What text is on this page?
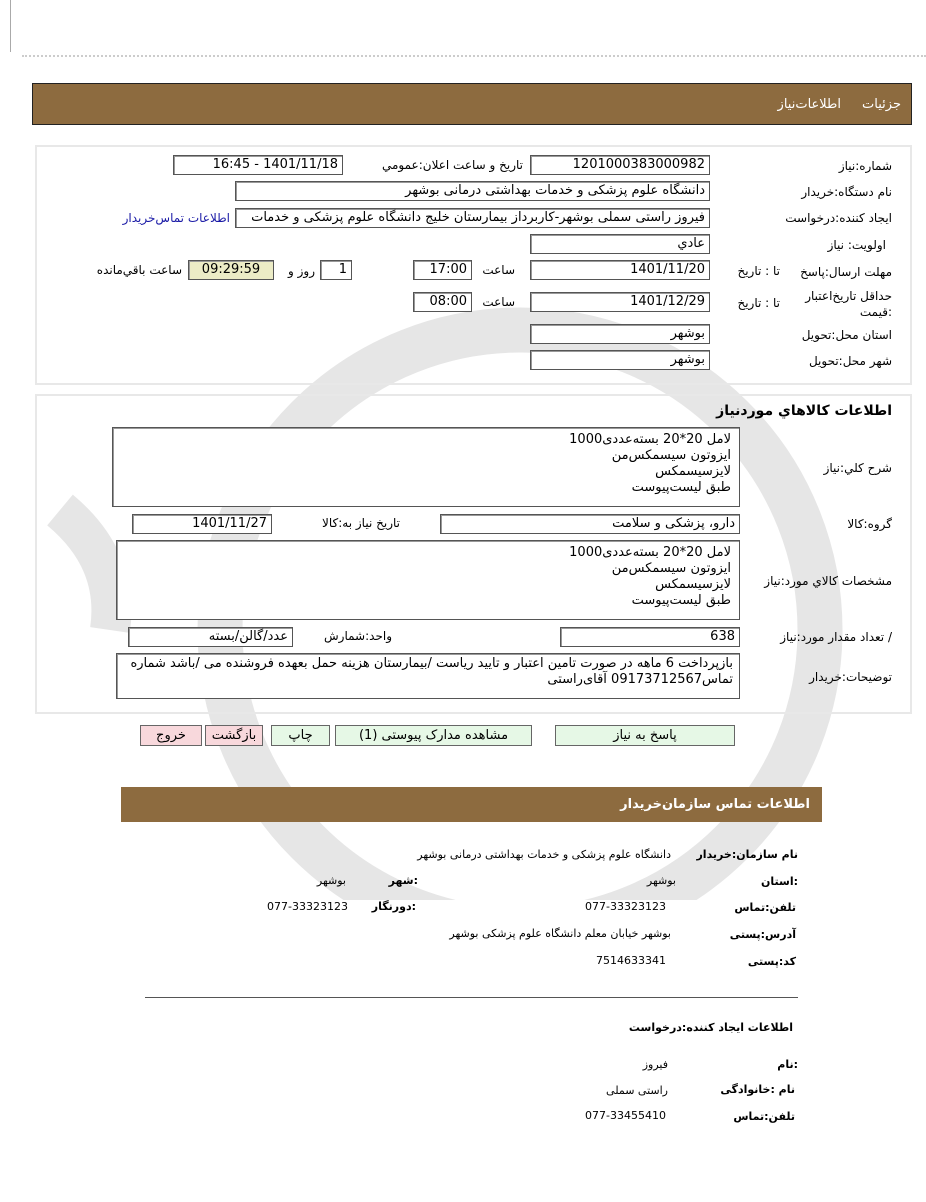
جزئيات
اطلاعات‌نیاز
شماره:نیاز
1201000383000982
تاريخ و ساعت اعلان:عمومي
1401/11/18 - 16:45
نام دستگاه:خريدار
دانشگاه علوم پزشکی و خدمات بهداشتی درمانی بوشهر
ايجاد کننده:درخواست
فیروز راستی سملی بوشهر-کاربرداز بیمارستان خلیج دانشگاه علوم پزشکی و خدمات
اطلاعات تماس‌خريدار
اولويت: نياز
عادي
مهلت ارسال:پاسخ
تا : تاريخ
1401/11/20
ساعت
17:00
1
روز و
09:29:59
ساعت باقي‌مانده
حداقل تاريخ‌اعتبار :قيمت
تا : تاريخ
1401/12/29
ساعت
08:00
استان محل:تحويل
بوشهر
شهر محل:تحويل
بوشهر
اطلاعات كالاهاي موردنياز
شرح كلي:نياز
لامل 20*20 بسته‌عددی1000
ایزوتون سیسمکس‌من
لایزسیسمکس
طبق لیست‌پیوست
گروه:كالا
دارو، پزشکی و سلامت
تاريخ نياز به:كالا
1401/11/27
مشخصات كالاي مورد:نياز
لامل 20*20 بسته‌عددی1000
ایزوتون سیسمکس‌من
لایزسیسمکس
طبق لیست‌پیوست
/ تعداد مقدار مورد:نياز
638
واحد:شمارش
عدد/گالن/بسته
توضيحات:خريدار
بازپرداخت 6 ماهه در صورت تامین اعتبار و تایید ریاست /بیمارستان هزینه حمل بعهده فروشنده می /باشد شماره تماس09173712567 آقای‌راستی
پاسخ به نياز
مشاهده مدارک پيوستی (1)
چاپ
بازگشت
خروج
اطلاعات تماس سازمان‌خريدار
نام سازمان:خريدار
دانشگاه علوم پزشکی و خدمات بهداشتی درمانی بوشهر
:استان
بوشهر
:شهر
بوشهر
تلفن:تماس
077-33323123
:دورنگار
077-33323123
آدرس:پستی
بوشهر خیابان معلم دانشگاه علوم پزشکی بوشهر
كد:پستی
7514633341
اطلاعات ایجاد کننده:درخواست
:نام
فیروز
نام :خانوادگی
راستی سملی
تلفن:تماس
077-33455410
